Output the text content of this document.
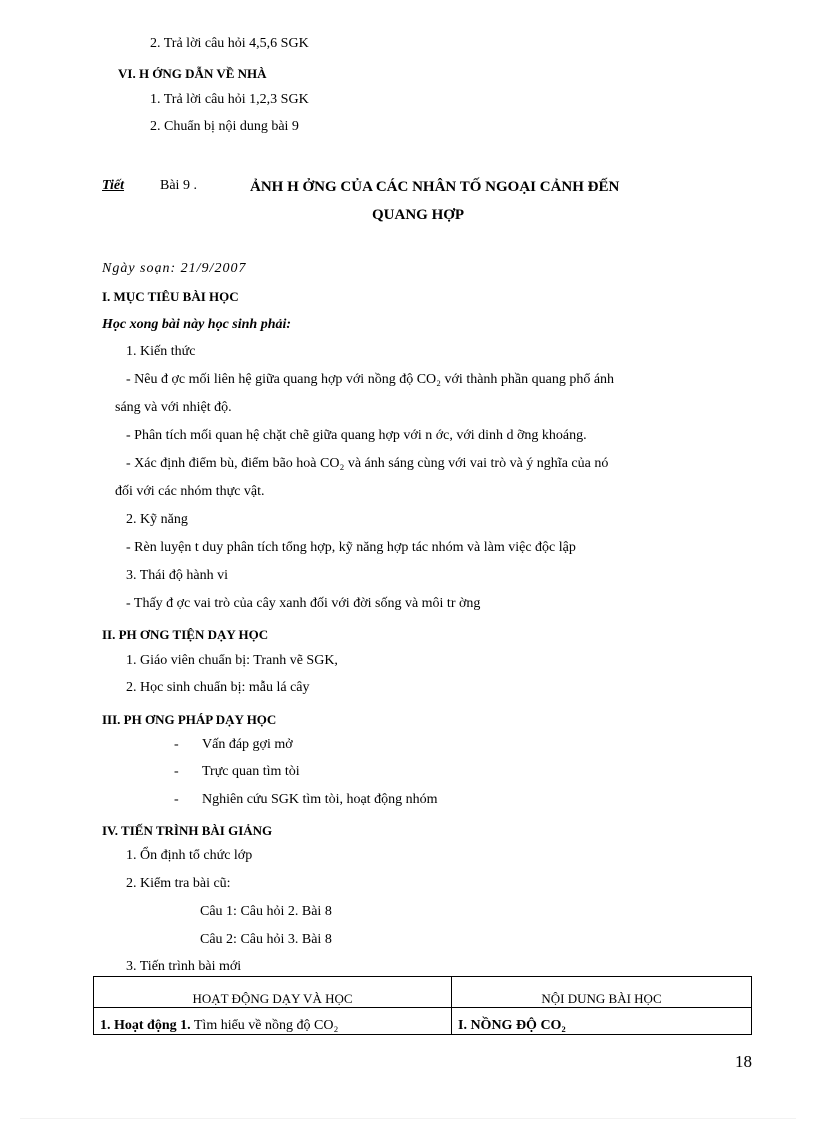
2. Trả lời câu hỏi 4,5,6 SGK
VI. H ỚNG DẪN VỀ NHÀ
1. Trả lời câu hỏi 1,2,3 SGK
2. Chuẩn bị nội dung bài 9
Tiết	Bài 9 .	ẢNH H ỞNG CỦA CÁC NHÂN TỐ NGOẠI CẢNH ĐẾN
QUANG HỢP
Ngày soạn: 21/9/2007
I. MỤC TIÊU BÀI HỌC
Học xong bài này học sinh phải:
1. Kiến thức
- Nêu đ ợc mối liên hệ giữa quang hợp với nồng độ CO₂ với thành phần quang phổ ánh
sáng và với nhiệt độ.
- Phân tích mối quan hệ chặt chẽ giữa quang hợp với n ớc, với dinh d ỡng khoáng.
- Xác định điểm bù, điểm bão hoà CO₂ và ánh sáng cùng với vai trò và ý nghĩa của nó
đối với các nhóm thực vật.
2. Kỹ năng
- Rèn luyện t duy phân tích tổng hợp, kỹ năng hợp tác nhóm và làm việc độc lập
3. Thái độ hành vi
- Thấy đ ợc vai trò của cây xanh đối với đời sống và môi tr ờng
II. PH ƠNG TIỆN DẠY HỌC
1. Giáo viên chuẩn bị: Tranh vẽ SGK,
2. Học sinh chuẩn bị: mẫu lá cây
III. PH ƠNG PHÁP DẠY HỌC
- Vấn đáp gợi mở
- Trực quan tìm tòi
- Nghiên cứu SGK tìm tòi, hoạt động nhóm
IV. TIẾN TRÌNH BÀI GIẢNG
1. Ổn định tổ chức lớp
2. Kiểm tra bài cũ:
Câu 1: Câu hỏi 2. Bài 8
Câu 2: Câu hỏi 3. Bài 8
3. Tiến trình bài mới
HOẠT ĐỘNG DẠY VÀ HỌC	NỘI DUNG BÀI HỌC
1. Hoạt động 1. Tìm hiểu về nồng độ CO₂	I. NỒNG ĐỘ CO₂
18
